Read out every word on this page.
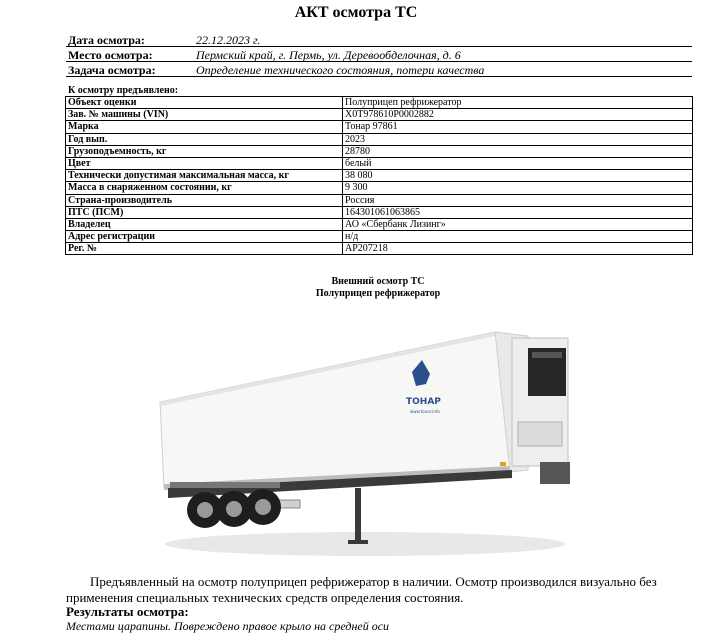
АКТ осмотра ТС
Дата осмотра:	22.12.2023 г.
Место осмотра:	Пермский край, г. Пермь, ул. Деревообделочная, д. 6
Задача осмотра:	Определение технического состояния, потери качества
К осмотру предъявлено:
Объект оценки	Полуприцеп рефрижератор
Зав. № машины (VIN)	X0T978610P0002882
Марка	Тонар 97861
Год вып.	2023
Грузоподъемность, кг	28780
Цвет	белый
Технически допустимая максимальная масса, кг	38 080
Масса в снаряженном состоянии, кг	9 300
Страна-производитель	Россия
ПТС (ПСМ)	164301061063865
Владелец	АО «Сбербанк Лизинг»
Адрес регистрации	н/д
Рег. №	АР207218
Внешний осмотр ТС
Полуприцеп рефрижератор
ТОНАР
www.tonar.info
Предъявленный на осмотр полуприцеп рефрижератор в наличии. Осмотр производился визуально без применения специальных технических средств определения состояния.
Результаты осмотра:
Местами царапины. Повреждено правое крыло на средней оси
